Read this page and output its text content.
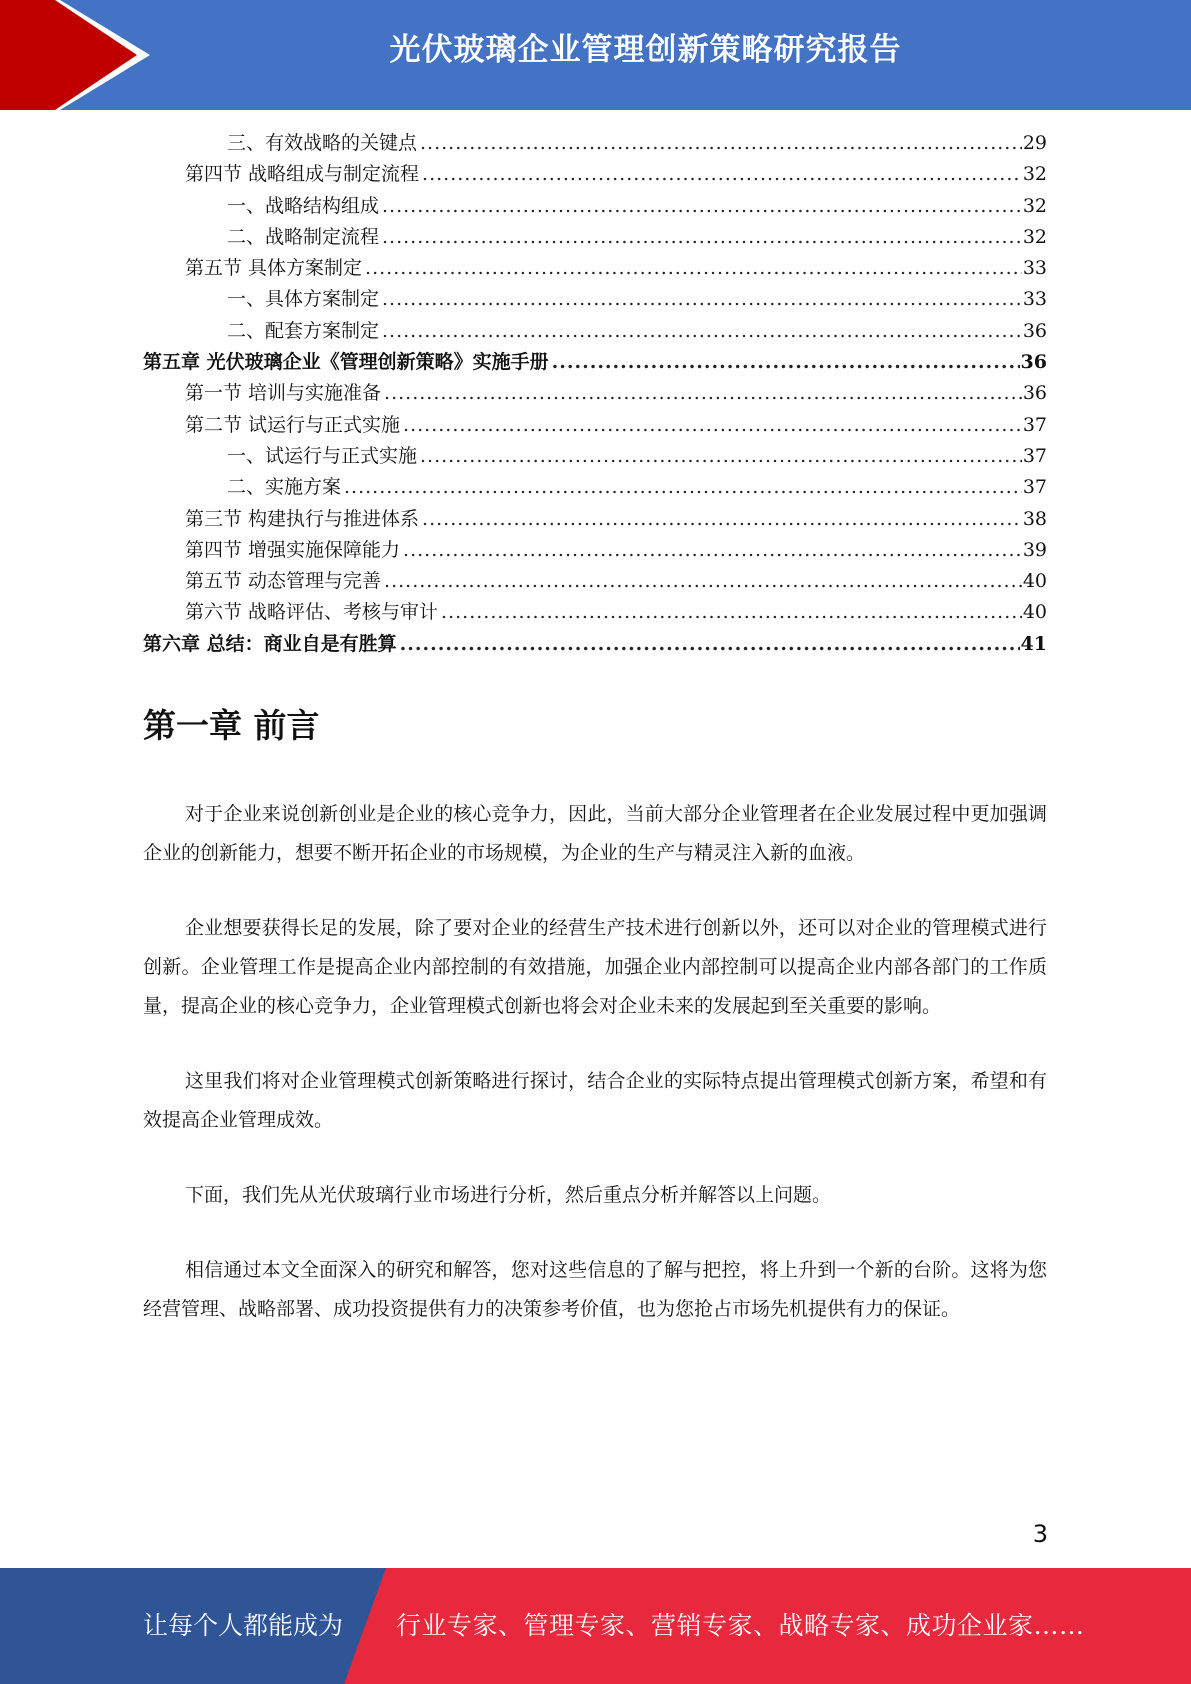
光伏玻璃企业管理创新策略研究报告
三、有效战略的关键点 .....	29
第四节 战略组成与制定流程 .....	32
一、战略结构组成 .....	32
二、战略制定流程 .....	32
第五节 具体方案制定 .....	33
一、具体方案制定 .....	33
二、配套方案制定 .....	36
第五章 光伏玻璃企业《管理创新策略》实施手册 .....	36
第一节 培训与实施准备 .....	36
第二节 试运行与正式实施 .....	37
一、试运行与正式实施 .....	37
二、实施方案 .....	37
第三节 构建执行与推进体系 .....	38
第四节 增强实施保障能力 .....	39
第五节 动态管理与完善 .....	40
第六节 战略评估、考核与审计 .....	40
第六章 总结：商业自是有胜算 .....	41
第一章 前言

对于企业来说创新创业是企业的核心竞争力，因此，当前大部分企业管理者在企业发展过程中更加强调企业的创新能力，想要不断开拓企业的市场规模，为企业的生产与精灵注入新的血液。

企业想要获得长足的发展，除了要对企业的经营生产技术进行创新以外，还可以对企业的管理模式进行创新。企业管理工作是提高企业内部控制的有效措施，加强企业内部控制可以提高企业内部各部门的工作质量，提高企业的核心竞争力，企业管理模式创新也将会对企业未来的发展起到至关重要的影响。

这里我们将对企业管理模式创新策略进行探讨，结合企业的实际特点提出管理模式创新方案，希望和有效提高企业管理成效。

下面，我们先从光伏玻璃行业市场进行分析，然后重点分析并解答以上问题。

相信通过本文全面深入的研究和解答，您对这些信息的了解与把控，将上升到一个新的台阶。这将为您经营管理、战略部署、成功投资提供有力的决策参考价值，也为您抢占市场先机提供有力的保证。

3
让每个人都能成为 行业专家、管理专家、营销专家、战略专家、成功企业家……
